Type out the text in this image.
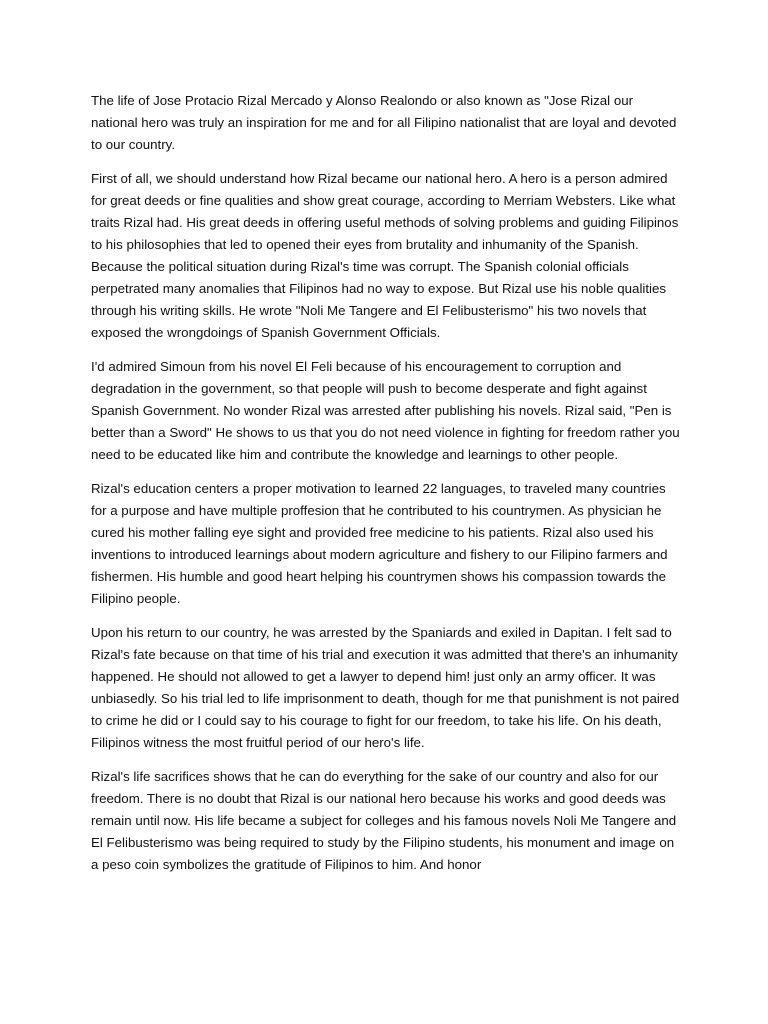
The life of Jose Protacio Rizal Mercado y Alonso Realondo or also known as "Jose Rizal our national hero was truly an inspiration for me and for all Filipino nationalist that are loyal and devoted to our country.

First of all, we should understand how Rizal became our national hero. A hero is a person admired for great deeds or fine qualities and show great courage, according to Merriam Websters. Like what traits Rizal had. His great deeds in offering useful methods of solving problems and guiding Filipinos to his philosophies that led to opened their eyes from brutality and inhumanity of the Spanish. Because the political situation during Rizal's time was corrupt. The Spanish colonial officials perpetrated many anomalies that Filipinos had no way to expose. But Rizal use his noble qualities through his writing skills. He wrote "Noli Me Tangere and El Felibusterismo" his two novels that exposed the wrongdoings of Spanish Government Officials.

I'd admired Simoun from his novel El Feli because of his encouragement to corruption and degradation in the government, so that people will push to become desperate and fight against Spanish Government. No wonder Rizal was arrested after publishing his novels. Rizal said, "Pen is better than a Sword" He shows to us that you do not need violence in fighting for freedom rather you need to be educated like him and contribute the knowledge and learnings to other people.

Rizal's education centers a proper motivation to learned 22 languages, to traveled many countries for a purpose and have multiple proffesion that he contributed to his countrymen. As physician he cured his mother falling eye sight and provided free medicine to his patients. Rizal also used his inventions to introduced learnings about modern agriculture and fishery to our Filipino farmers and fishermen. His humble and good heart helping his countrymen shows his compassion towards the Filipino people.

Upon his return to our country, he was arrested by the Spaniards and exiled in Dapitan. I felt sad to Rizal's fate because on that time of his trial and execution it was admitted that there's an inhumanity happened. He should not allowed to get a lawyer to depend him! just only an army officer. It was unbiasedly. So his trial led to life imprisonment to death, though for me that punishment is not paired to crime he did or I could say to his courage to fight for our freedom, to take his life. On his death, Filipinos witness the most fruitful period of our hero's life.

Rizal's life sacrifices shows that he can do everything for the sake of our country and also for our freedom. There is no doubt that Rizal is our national hero because his works and good deeds was remain until now. His life became a subject for colleges and his famous novels Noli Me Tangere and El Felibusterismo was being required to study by the Filipino students, his monument and image on a peso coin symbolizes the gratitude of Filipinos to him. And honor
